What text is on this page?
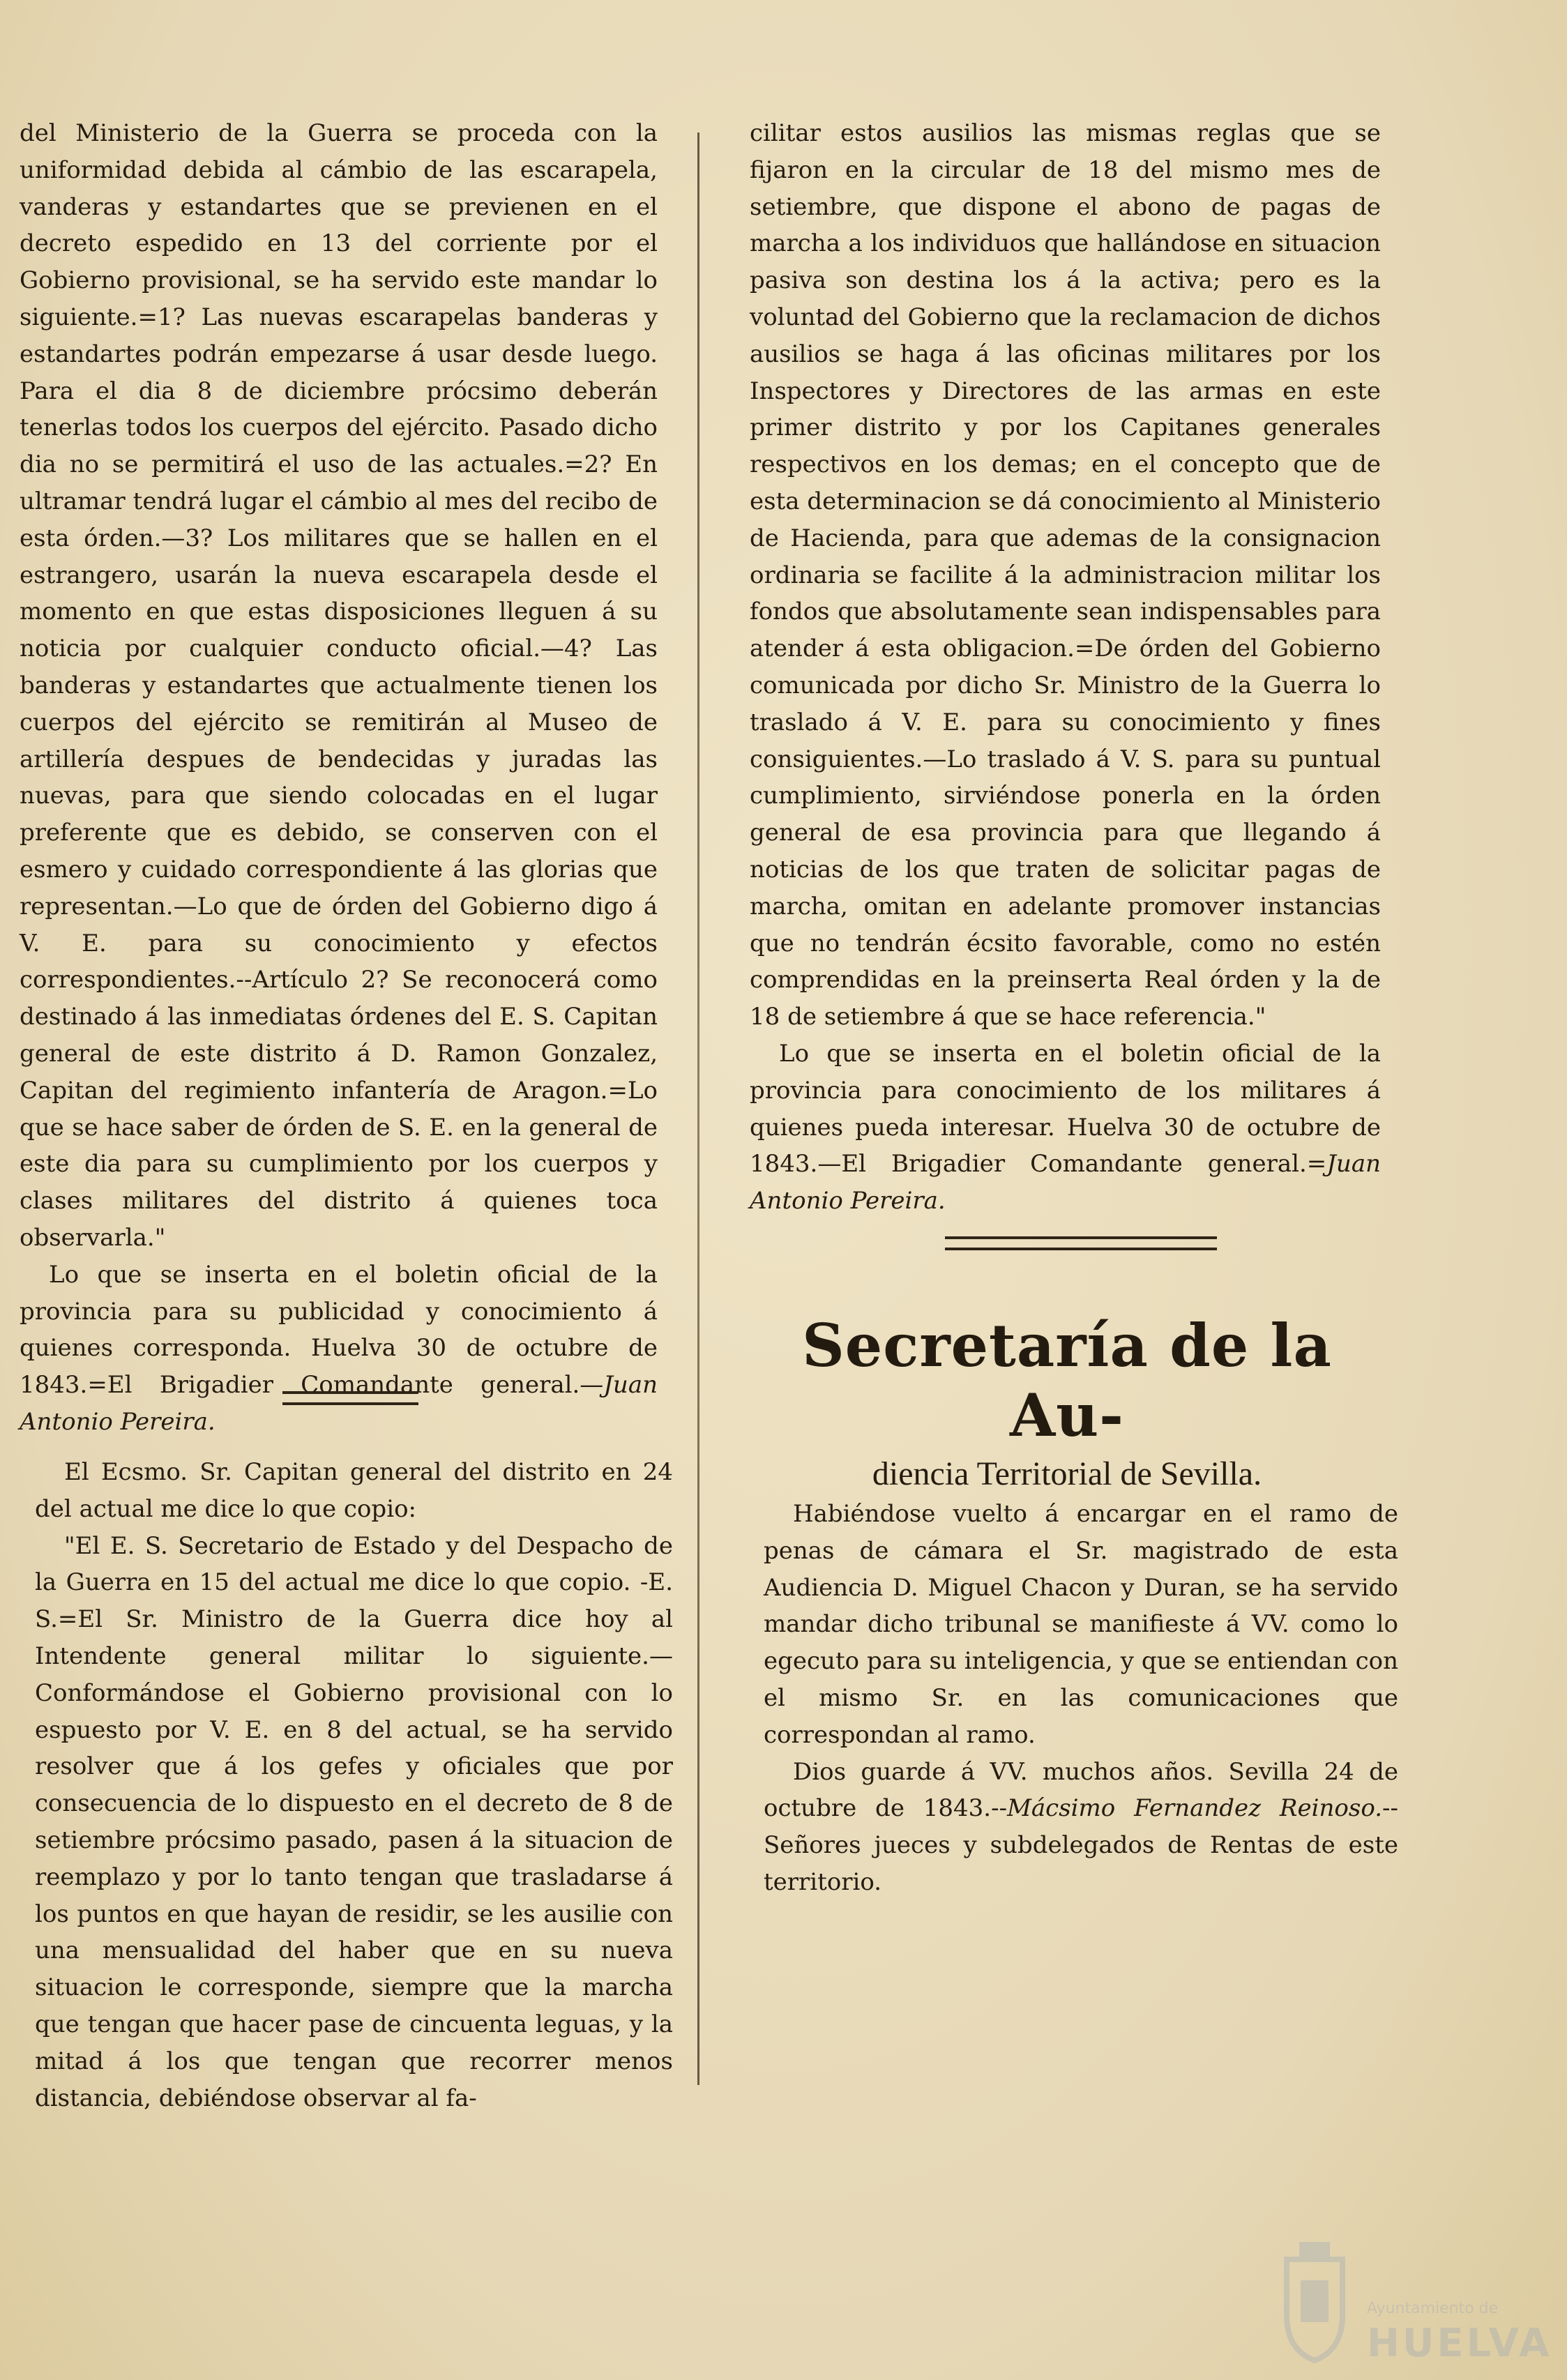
del Ministerio de la Guerra se proceda con la uniformidad debida al cámbio de las escarapela, vanderas y estandartes que se previenen en el decreto espedido en 13 del corriente por el Gobierno provisional, se ha servido este mandar lo siguiente.=1? Las nuevas escarapelas banderas y estandartes podrán empezarse á usar desde luego. Para el dia 8 de diciembre prócsimo deberán tenerlas todos los cuerpos del ejército. Pasado dicho dia no se permitirá el uso de las actuales.=2? En ultramar tendrá lugar el cámbio al mes del recibo de esta órden.—3? Los militares que se hallen en el estrangero, usarán la nueva escarapela desde el momento en que estas disposiciones lleguen á su noticia por cualquier conducto oficial.—4? Las banderas y estandartes que actualmente tienen los cuerpos del ejército se remitirán al Museo de artillería despues de bendecidas y juradas las nuevas, para que siendo colocadas en el lugar preferente que es debido, se conserven con el esmero y cuidado correspondiente á las glorias que representan.—Lo que de órden del Gobierno digo á V. E. para su conocimiento y efectos correspondientes.--Artículo 2? Se reconocerá como destinado á las inmediatas órdenes del E. S. Capitan general de este distrito á D. Ramon Gonzalez, Capitan del regimiento infantería de Aragon.=Lo que se hace saber de órden de S. E. en la general de este dia para su cumplimiento por los cuerpos y clases militares del distrito á quienes toca observarla."

Lo que se inserta en el boletin oficial de la provincia para su publicidad y conocimiento á quienes corresponda. Huelva 30 de octubre de 1843.=El Brigadier Comandante general.—Juan Antonio Pereira.

El Ecsmo. Sr. Capitan general del distrito en 24 del actual me dice lo que copio:

"El E. S. Secretario de Estado y del Despacho de la Guerra en 15 del actual me dice lo que copio. -E. S.=El Sr. Ministro de la Guerra dice hoy al Intendente general militar lo siguiente.—Conformándose el Gobierno provisional con lo espuesto por V. E. en 8 del actual, se ha servido resolver que á los gefes y oficiales que por consecuencia de lo dispuesto en el decreto de 8 de setiembre prócsimo pasado, pasen á la situacion de reemplazo y por lo tanto tengan que trasladarse á los puntos en que hayan de residir, se les ausilie con una mensualidad del haber que en su nueva situacion le corresponde, siempre que la marcha que tengan que hacer pase de cincuenta leguas, y la mitad á los que tengan que recorrer menos distancia, debiéndose observar al fa-

cilitar estos ausilios las mismas reglas que se fijaron en la circular de 18 del mismo mes de setiembre, que dispone el abono de pagas de marcha a los individuos que hallándose en situacion pasiva son destina los á la activa; pero es la voluntad del Gobierno que la reclamacion de dichos ausilios se haga á las oficinas militares por los Inspectores y Directores de las armas en este primer distrito y por los Capitanes generales respectivos en los demas; en el concepto que de esta determinacion se dá conocimiento al Ministerio de Hacienda, para que ademas de la consignacion ordinaria se facilite á la administracion militar los fondos que absolutamente sean indispensables para atender á esta obligacion.=De órden del Gobierno comunicada por dicho Sr. Ministro de la Guerra lo traslado á V. E. para su conocimiento y fines consiguientes.—Lo traslado á V. S. para su puntual cumplimiento, sirviéndose ponerla en la órden general de esa provincia para que llegando á noticias de los que traten de solicitar pagas de marcha, omitan en adelante promover instancias que no tendrán écsito favorable, como no estén comprendidas en la preinserta Real órden y la de 18 de setiembre á que se hace referencia."

Lo que se inserta en el boletin oficial de la provincia para conocimiento de los militares á quienes pueda interesar. Huelva 30 de octubre de 1843.—El Brigadier Comandante general.=Juan Antonio Pereira.

Secretaría de la Au-
diencia Territorial de Sevilla.

Habiéndose vuelto á encargar en el ramo de penas de cámara el Sr. magistrado de esta Audiencia D. Miguel Chacon y Duran, se ha servido mandar dicho tribunal se manifieste á VV. como lo egecuto para su inteligencia, y que se entiendan con el mismo Sr. en las comunicaciones que correspondan al ramo.

Dios guarde á VV. muchos años. Sevilla 24 de octubre de 1843.--Mácsimo Fernandez Reinoso.-- Señores jueces y subdelegados de Rentas de este territorio.

Ayuntamiento de
HUELVA
